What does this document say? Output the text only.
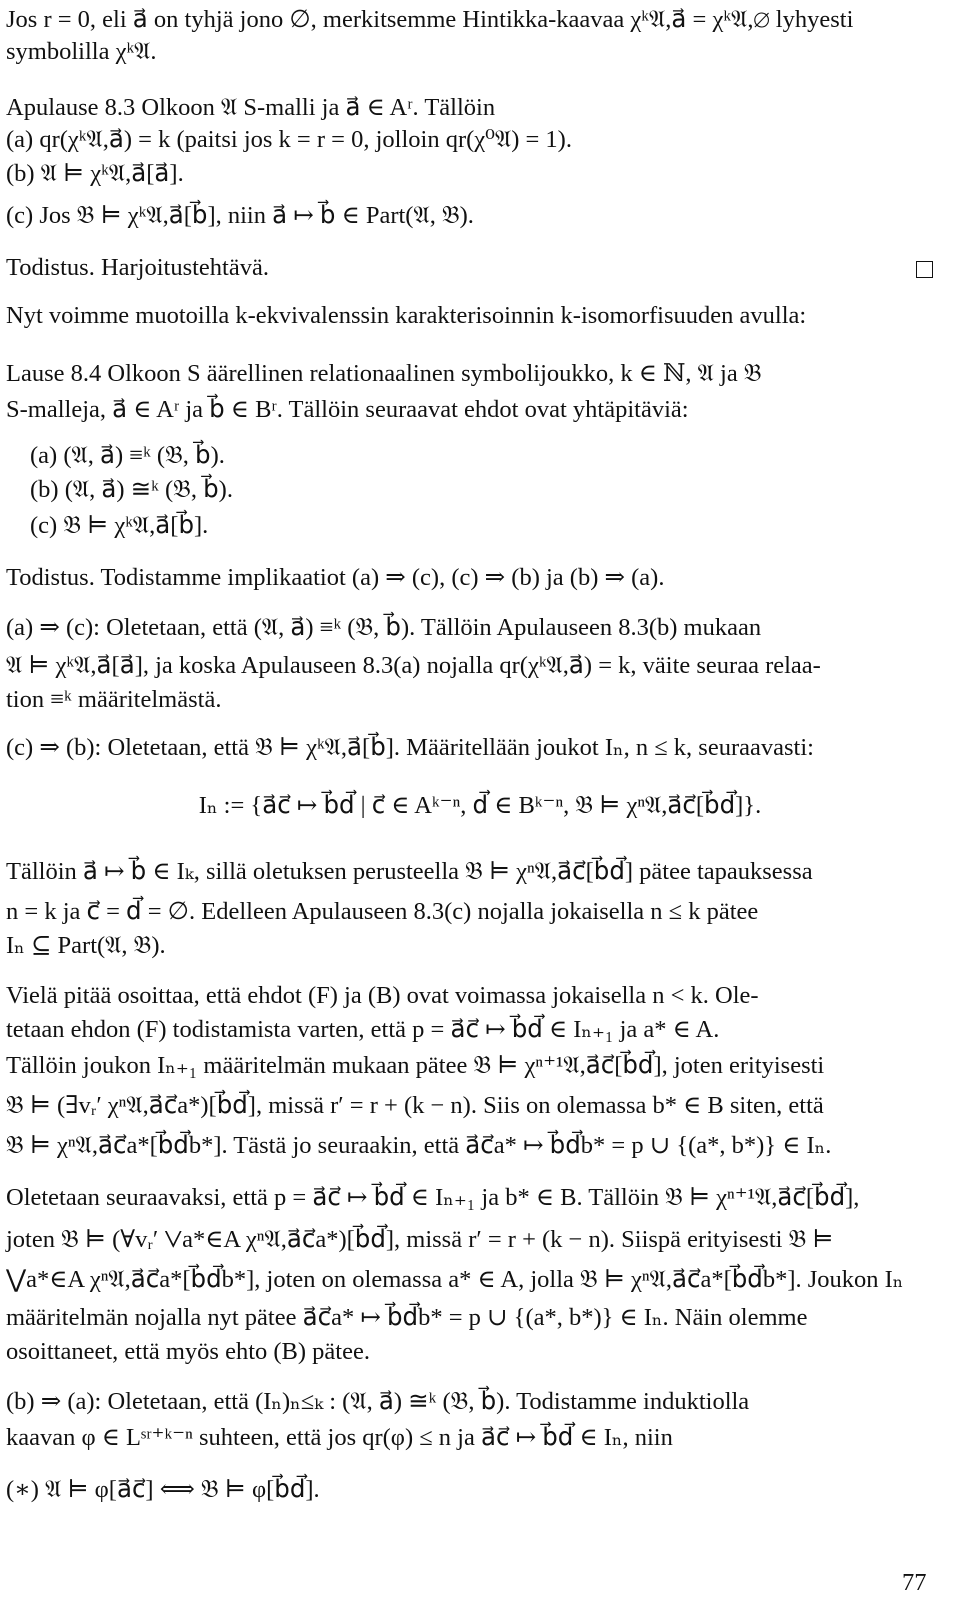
Jos r = 0, eli a⃗ on tyhjä jono ∅, merkitsemme Hintikka-kaavaa χᵏ𝔄,a⃗ = χᵏ𝔄,∅ lyhyesti
symbolilla χᵏ𝔄.
Apulause 8.3 Olkoon 𝔄 S-malli ja a⃗ ∈ Aʳ. Tällöin
(a) qr(χᵏ𝔄,a⃗) = k (paitsi jos k = r = 0, jolloin qr(χ⁰𝔄) = 1).
(b) 𝔄 ⊨ χᵏ𝔄,a⃗[a⃗].
(c) Jos 𝔅 ⊨ χᵏ𝔄,a⃗[b⃗], niin a⃗ ↦ b⃗ ∈ Part(𝔄, 𝔅).
Todistus. Harjoitustehtävä.
Nyt voimme muotoilla k-ekvivalenssin karakterisoinnin k-isomorfisuuden avulla:
Lause 8.4 Olkoon S äärellinen relationaalinen symbolijoukko, k ∈ ℕ, 𝔄 ja 𝔅
S-malleja, a⃗ ∈ Aʳ ja b⃗ ∈ Bʳ. Tällöin seuraavat ehdot ovat yhtäpitäviä:
(a) (𝔄, a⃗) ≡ᵏ (𝔅, b⃗).
(b) (𝔄, a⃗) ≅ᵏ (𝔅, b⃗).
(c) 𝔅 ⊨ χᵏ𝔄,a⃗[b⃗].
Todistus. Todistamme implikaatiot (a) ⇒ (c), (c) ⇒ (b) ja (b) ⇒ (a).
(a) ⇒ (c): Oletetaan, että (𝔄, a⃗) ≡ᵏ (𝔅, b⃗). Tällöin Apulauseen 8.3(b) mukaan
𝔄 ⊨ χᵏ𝔄,a⃗[a⃗], ja koska Apulauseen 8.3(a) nojalla qr(χᵏ𝔄,a⃗) = k, väite seuraa relaa-
tion ≡ᵏ määritelmästä.
(c) ⇒ (b): Oletetaan, että 𝔅 ⊨ χᵏ𝔄,a⃗[b⃗]. Määritellään joukot Iₙ, n ≤ k, seuraavasti:
Iₙ := {a⃗c⃗ ↦ b⃗d⃗ | c⃗ ∈ Aᵏ⁻ⁿ, d⃗ ∈ Bᵏ⁻ⁿ, 𝔅 ⊨ χⁿ𝔄,a⃗c⃗[b⃗d⃗]}.
Tällöin a⃗ ↦ b⃗ ∈ Iₖ, sillä oletuksen perusteella 𝔅 ⊨ χⁿ𝔄,a⃗c⃗[b⃗d⃗] pätee tapauksessa
n = k ja c⃗ = d⃗ = ∅. Edelleen Apulauseen 8.3(c) nojalla jokaisella n ≤ k pätee
Iₙ ⊆ Part(𝔄, 𝔅).
Vielä pitää osoittaa, että ehdot (F) ja (B) ovat voimassa jokaisella n < k. Ole-
tetaan ehdon (F) todistamista varten, että p = a⃗c⃗ ↦ b⃗d⃗ ∈ Iₙ₊₁ ja a* ∈ A.
Tällöin joukon Iₙ₊₁ määritelmän mukaan pätee 𝔅 ⊨ χⁿ⁺¹𝔄,a⃗c⃗[b⃗d⃗], joten erityisesti
𝔅 ⊨ (∃vᵣ′ χⁿ𝔄,a⃗c⃗a*)[b⃗d⃗], missä r′ = r + (k − n). Siis on olemassa b* ∈ B siten, että
𝔅 ⊨ χⁿ𝔄,a⃗c⃗a*[b⃗d⃗b*]. Tästä jo seuraakin, että a⃗c⃗a* ↦ b⃗d⃗b* = p ∪ {(a*, b*)} ∈ Iₙ.
Oletetaan seuraavaksi, että p = a⃗c⃗ ↦ b⃗d⃗ ∈ Iₙ₊₁ ja b* ∈ B. Tällöin 𝔅 ⊨ χⁿ⁺¹𝔄,a⃗c⃗[b⃗d⃗],
joten 𝔅 ⊨ (∀vᵣ′ ⋁a*∈A χⁿ𝔄,a⃗c⃗a*)[b⃗d⃗], missä r′ = r + (k − n). Siispä erityisesti 𝔅 ⊨
⋁a*∈A χⁿ𝔄,a⃗c⃗a*[b⃗d⃗b*], joten on olemassa a* ∈ A, jolla 𝔅 ⊨ χⁿ𝔄,a⃗c⃗a*[b⃗d⃗b*]. Joukon Iₙ
määritelmän nojalla nyt pätee a⃗c⃗a* ↦ b⃗d⃗b* = p ∪ {(a*, b*)} ∈ Iₙ. Näin olemme
osoittaneet, että myös ehto (B) pätee.
(b) ⇒ (a): Oletetaan, että (Iₙ)ₙ≤ₖ : (𝔄, a⃗) ≅ᵏ (𝔅, b⃗). Todistamme induktiolla
kaavan φ ∈ Lˢʳ⁺ᵏ⁻ⁿ suhteen, että jos qr(φ) ≤ n ja a⃗c⃗ ↦ b⃗d⃗ ∈ Iₙ, niin
(∗) 𝔄 ⊨ φ[a⃗c⃗] ⟺ 𝔅 ⊨ φ[b⃗d⃗].
77
